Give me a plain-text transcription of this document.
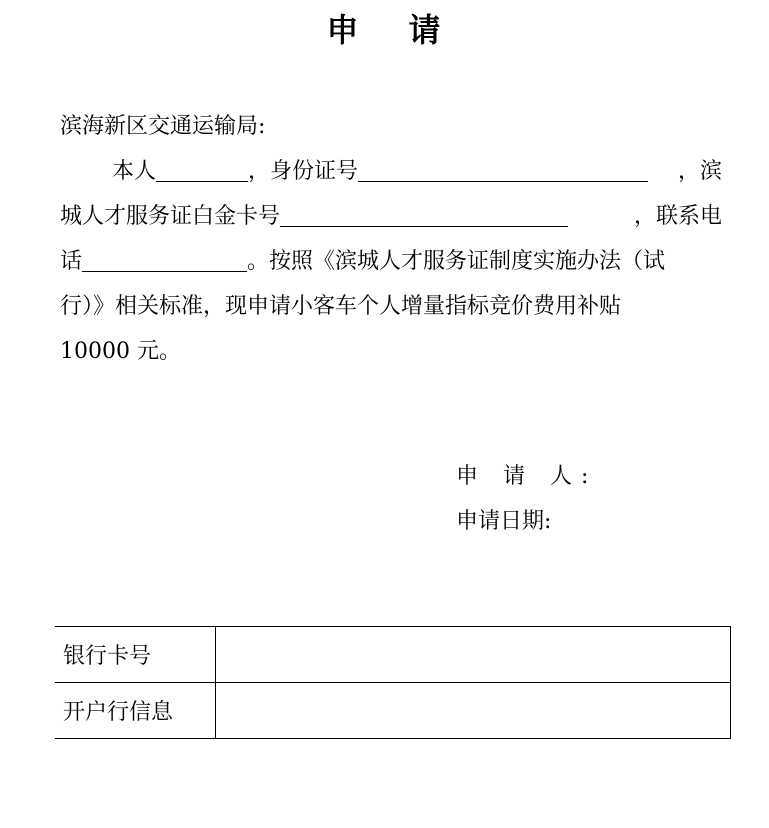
申 请
滨海新区交通运输局:
本人	，身份证号	，滨
城人才服务证白金卡号	，联系电
话	。按照《滨城人才服务证制度实施办法（试
行）》相关标准，现申请小客车个人增量指标竞价费用补贴
10000 元。
申 请 人:
申请日期:
银行卡号	
开户行信息	
